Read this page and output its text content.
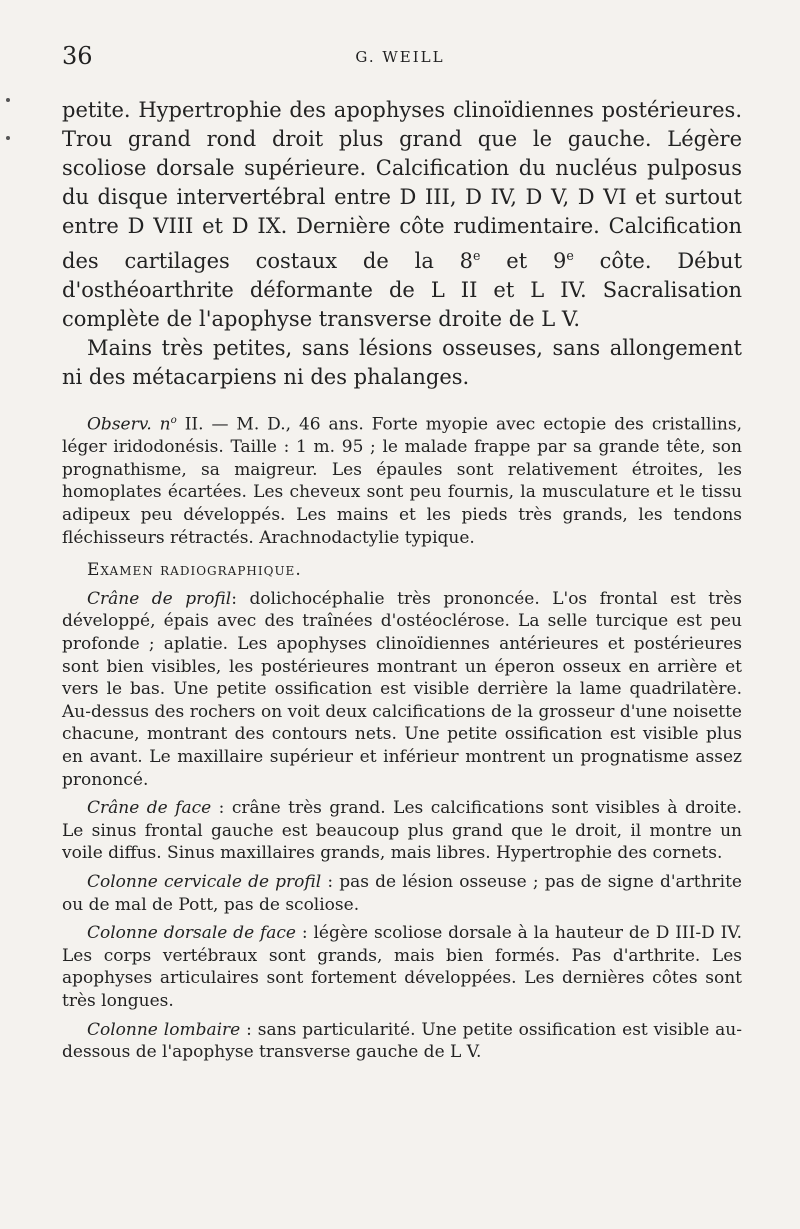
36	G. WEILL

petite. Hypertrophie des apophyses clinoïdiennes postérieures. Trou grand rond droit plus grand que le gauche. Légère scoliose dorsale supérieure. Calcification du nucléus pulposus du disque intervertébral entre D III, D IV, D V, D VI et surtout entre D VIII et D IX. Dernière côte rudimentaire. Calcification des cartilages costaux de la 8e et 9e côte. Début d'osthéoarthrite déformante de L II et L IV. Sacralisation complète de l'apophyse transverse droite de L V.

Mains très petites, sans lésions osseuses, sans allongement ni des métacarpiens ni des phalanges.

Observ. $n^o$ II. — M. D., 46 ans. Forte myopie avec ectopie des cristallins, léger iridodonésis. Taille : 1 m. 95 ; le malade frappe par sa grande tête, son prognathisme, sa maigreur. Les épaules sont relativement étroites, les homoplates écartées. Les cheveux sont peu fournis, la musculature et le tissu adipeux peu développés. Les mains et les pieds très grands, les tendons fléchisseurs rétractés. Arachnodactylie typique.

Examen radiographique.

Crâne de profil: dolichocéphalie très prononcée. L'os frontal est très développé, épais avec des traînées d'ostéoclérose. La selle turcique est peu profonde ; aplatie. Les apophyses clinoïdiennes antérieures et postérieures sont bien visibles, les postérieures montrant un éperon osseux en arrière et vers le bas. Une petite ossification est visible derrière la lame quadrilatère. Au-dessus des rochers on voit deux calcifications de la grosseur d'une noisette chacune, montrant des contours nets. Une petite ossification est visible plus en avant. Le maxillaire supérieur et inférieur montrent un prognatisme assez prononcé.

Crâne de face : crâne très grand. Les calcifications sont visibles à droite. Le sinus frontal gauche est beaucoup plus grand que le droit, il montre un voile diffus. Sinus maxillaires grands, mais libres. Hypertrophie des cornets.

Colonne cervicale de profil : pas de lésion osseuse ; pas de signe d'arthrite ou de mal de Pott, pas de scoliose.

Colonne dorsale de face : légère scoliose dorsale à la hauteur de D III-D IV. Les corps vertébraux sont grands, mais bien formés. Pas d'arthrite. Les apophyses articulaires sont fortement développées. Les dernières côtes sont très longues.

Colonne lombaire : sans particularité. Une petite ossification est visible au-dessous de l'apophyse transverse gauche de L V.
